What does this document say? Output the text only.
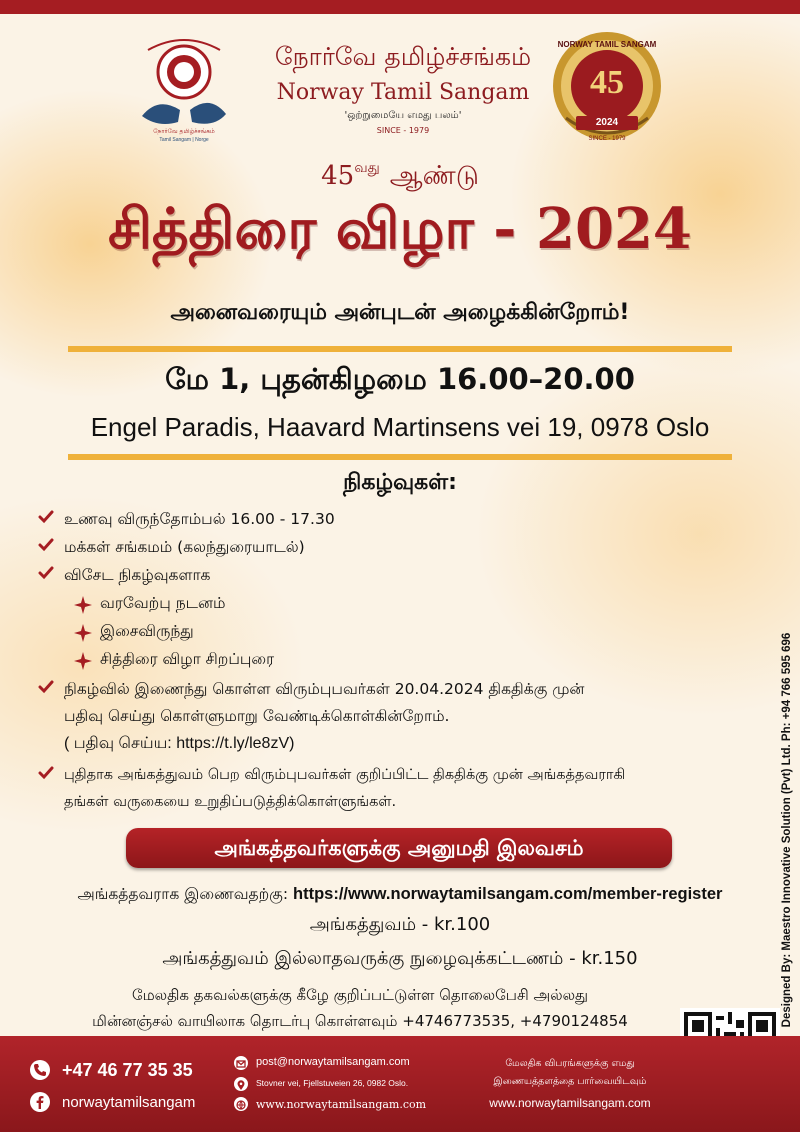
நோர்வே தமிழ்ச்சங்கம்
Tamil Sangam | Norge
நோர்வே தமிழ்ச்சங்கம்
Norway Tamil Sangam
'ஒற்றுமையே எமது பலம்'
SINCE - 1979
NORWAY TAMIL SANGAM
45
2024
SINCE - 1979
45வது ஆண்டு
சித்திரை விழா - 2024
அனைவரையும் அன்புடன் அழைக்கின்றோம்!
மே 1, புதன்கிழமை 16.00–20.00
Engel Paradis, Haavard Martinsens vei 19, 0978 Oslo
நிகழ்வுகள்:
உணவு விருந்தோம்பல் 16.00 - 17.30
மக்கள் சங்கமம் (கலந்துரையாடல்)
விசேட நிகழ்வுகளாக
வரவேற்பு நடனம்
இசைவிருந்து
சித்திரை விழா சிறப்புரை
நிகழ்வில் இணைந்து கொள்ள விரும்புபவர்கள் 20.04.2024 திகதிக்கு முன்
பதிவு செய்து கொள்ளுமாறு வேண்டிக்கொள்கின்றோம்.
( பதிவு செய்ய: https://t.ly/le8zV)
புதிதாக அங்கத்துவம் பெற விரும்புபவர்கள் குறிப்பிட்ட திகதிக்கு முன் அங்கத்தவராகி
தங்கள் வருகையை உறுதிப்படுத்திக்கொள்ளுங்கள்.
அங்கத்தவர்களுக்கு அனுமதி இலவசம்
அங்கத்தவராக இணைவதற்கு: https://www.norwaytamilsangam.com/member-register
அங்கத்துவம் - kr.100
அங்கத்துவம் இல்லாதவருக்கு நுழைவுக்கட்டணம் - kr.150
மேலதிக தகவல்களுக்கு கீழே குறிப்பட்டுள்ள தொலைபேசி அல்லது
மின்னஞ்சல் வாயிலாக தொடர்பு கொள்ளவும் +4746773535, +4790124854	Designed By: Maestro Innovative Solution (Pvt) Ltd. Ph: +94 766 595 696
+47 46 77 35 35
norwaytamilsangam
post@norwaytamilsangam.com
Stovner vei, Fjellstuveien 26, 0982 Oslo.
www.norwaytamilsangam.com
மேலதிக விபரங்களுக்கு எமது
இணையத்தளத்தை பார்வையிடவும்
www.norwaytamilsangam.com
